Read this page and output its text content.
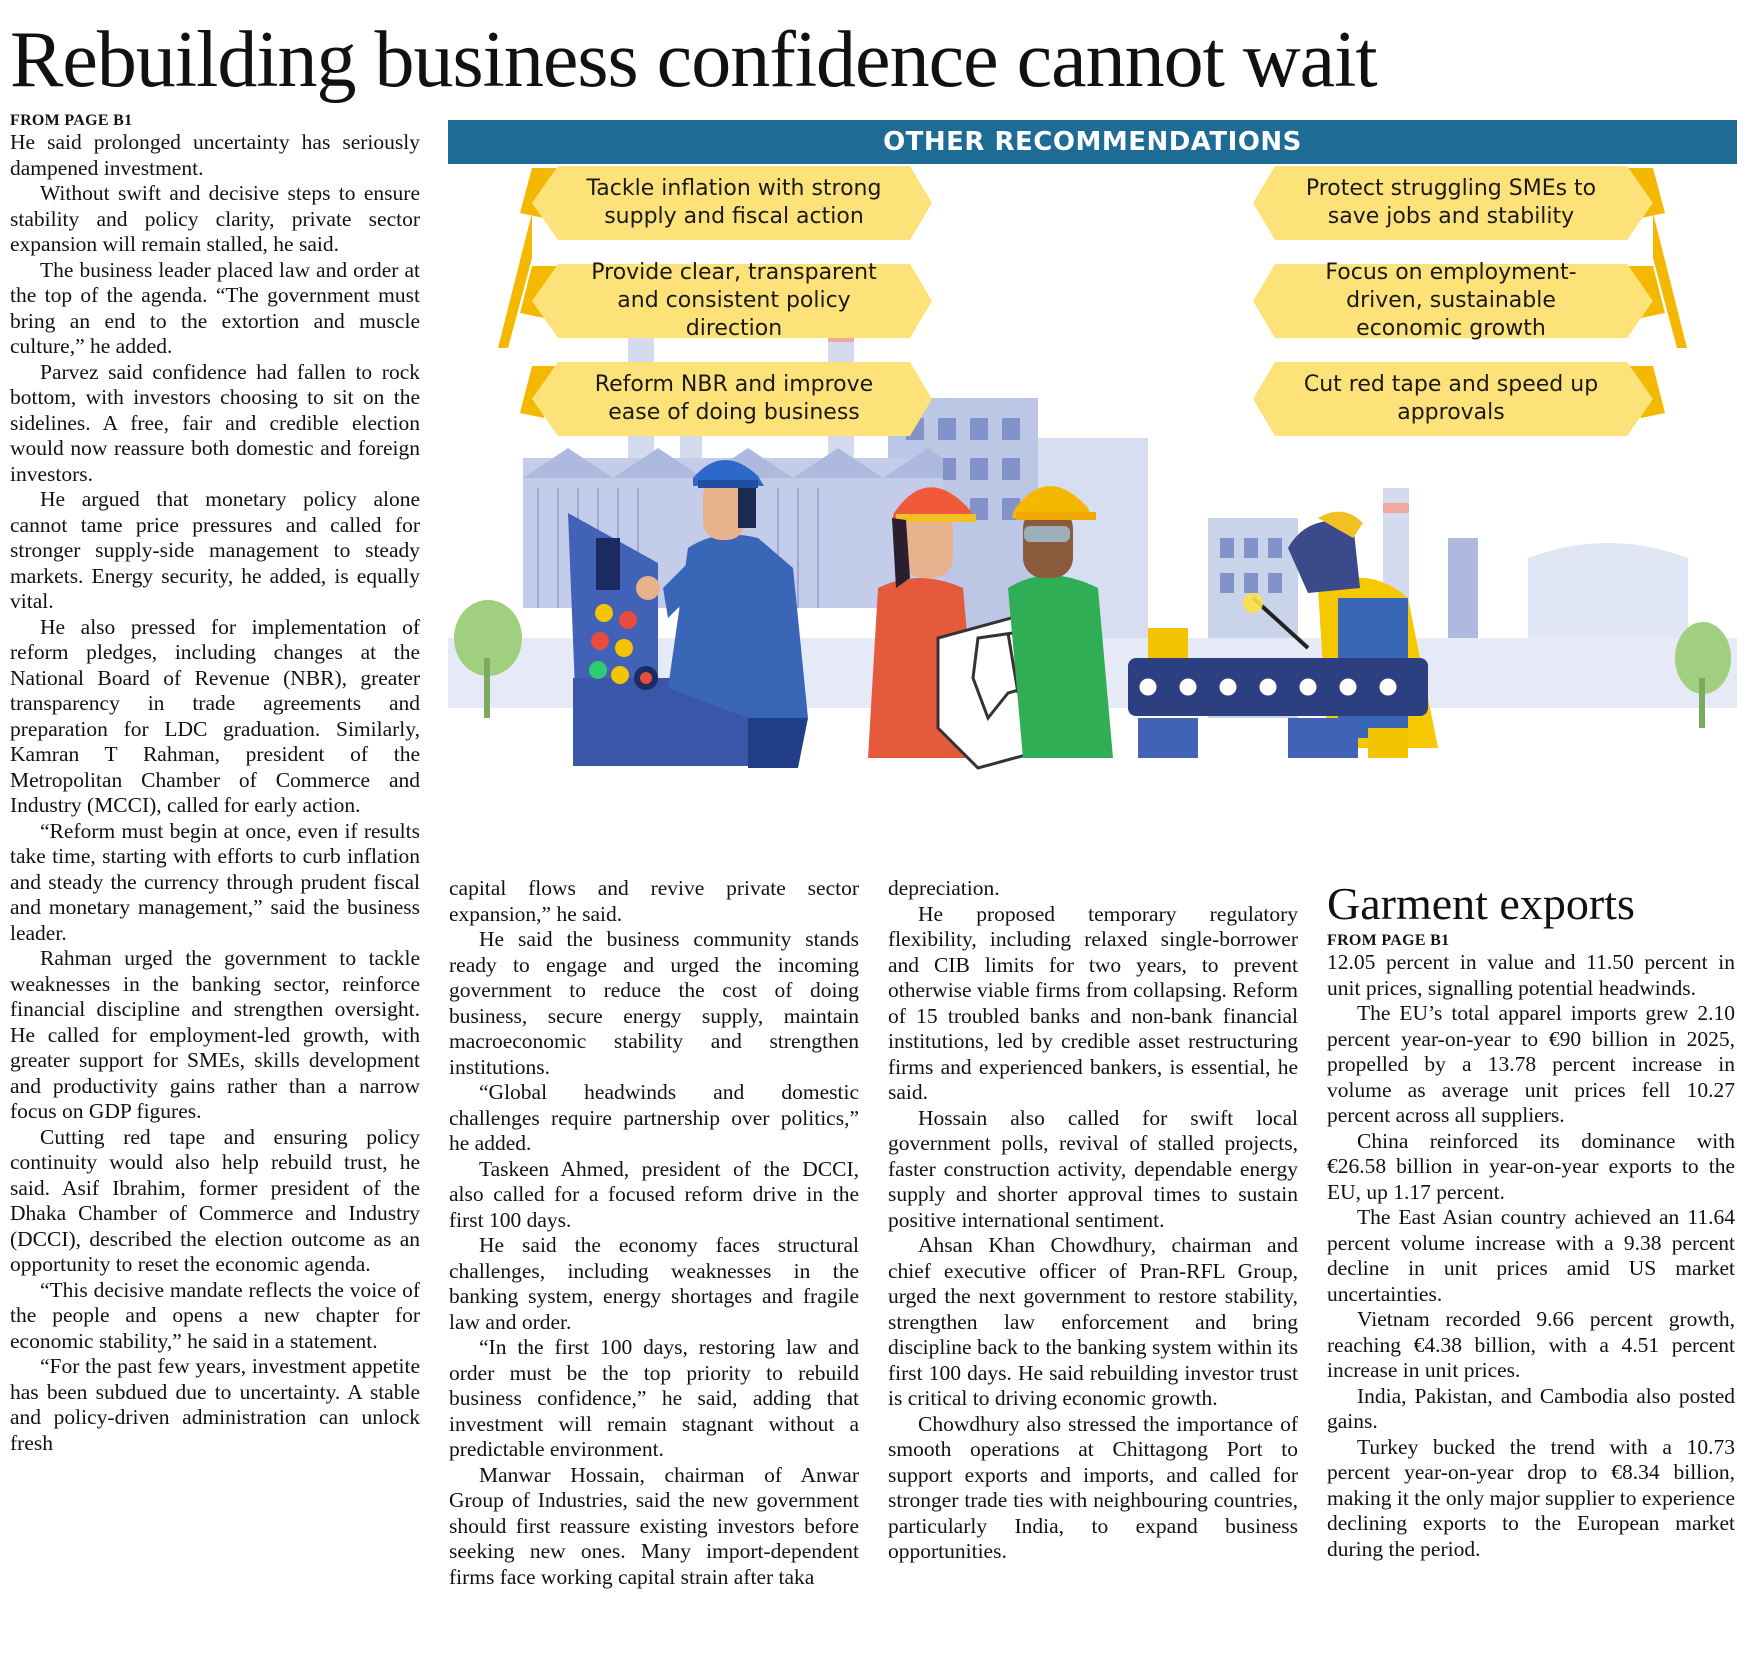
Rebuilding business confidence cannot wait
FROM PAGE B1

He said prolonged uncertainty has seriously dampened investment.

Without swift and decisive steps to ensure stability and policy clarity, private sector expansion will remain stalled, he said.

The business leader placed law and order at the top of the agenda. “The government must bring an end to the extortion and muscle culture,” he added.

Parvez said confidence had fallen to rock bottom, with investors choosing to sit on the sidelines. A free, fair and credible election would now reassure both domestic and foreign investors.

He argued that monetary policy alone cannot tame price pressures and called for stronger supply-side management to steady markets. Energy security, he added, is equally vital.

He also pressed for implementation of reform pledges, including changes at the National Board of Revenue (NBR), greater transparency in trade agreements and preparation for LDC graduation. Similarly, Kamran T Rahman, president of the Metropolitan Chamber of Commerce and Industry (MCCI), called for early action.

“Reform must begin at once, even if results take time, starting with efforts to curb inflation and steady the currency through prudent fiscal and monetary management,” said the business leader.

Rahman urged the government to tackle weaknesses in the banking sector, reinforce financial discipline and strengthen oversight. He called for employment-led growth, with greater support for SMEs, skills development and productivity gains rather than a narrow focus on GDP figures.

Cutting red tape and ensuring policy continuity would also help rebuild trust, he said. Asif Ibrahim, former president of the Dhaka Chamber of Commerce and Industry (DCCI), described the election outcome as an opportunity to reset the economic agenda.

“This decisive mandate reflects the voice of the people and opens a new chapter for economic stability,” he said in a statement.

“For the past few years, investment appetite has been subdued due to uncertainty. A stable and policy-driven administration can unlock fresh

OTHER RECOMMENDATIONS
Tackle inflation with strong supply and fiscal action
Provide clear, transparent and consistent policy direction
Reform NBR and improve ease of doing business
Protect struggling SMEs to save jobs and stability
Focus on employment-driven, sustainable economic growth
Cut red tape and speed up approvals

capital flows and revive private sector expansion,” he said.

He said the business community stands ready to engage and urged the incoming government to reduce the cost of doing business, secure energy supply, maintain macroeconomic stability and strengthen institutions.

“Global headwinds and domestic challenges require partnership over politics,” he added.

Taskeen Ahmed, president of the DCCI, also called for a focused reform drive in the first 100 days.

He said the economy faces structural challenges, including weaknesses in the banking system, energy shortages and fragile law and order.

“In the first 100 days, restoring law and order must be the top priority to rebuild business confidence,” he said, adding that investment will remain stagnant without a predictable environment.

Manwar Hossain, chairman of Anwar Group of Industries, said the new government should first reassure existing investors before seeking new ones. Many import-dependent firms face working capital strain after taka

depreciation.

He proposed temporary regulatory flexibility, including relaxed single-borrower and CIB limits for two years, to prevent otherwise viable firms from collapsing. Reform of 15 troubled banks and non-bank financial institutions, led by credible asset restructuring firms and experienced bankers, is essential, he said.

Hossain also called for swift local government polls, revival of stalled projects, faster construction activity, dependable energy supply and shorter approval times to sustain positive international sentiment.

Ahsan Khan Chowdhury, chairman and chief executive officer of Pran-RFL Group, urged the next government to restore stability, strengthen law enforcement and bring discipline back to the banking system within its first 100 days. He said rebuilding investor trust is critical to driving economic growth.

Chowdhury also stressed the importance of smooth operations at Chittagong Port to support exports and imports, and called for stronger trade ties with neighbouring countries, particularly India, to expand business opportunities.

Garment exports
FROM PAGE B1

12.05 percent in value and 11.50 percent in unit prices, signalling potential headwinds.

The EU’s total apparel imports grew 2.10 percent year-on-year to €90 billion in 2025, propelled by a 13.78 percent increase in volume as average unit prices fell 10.27 percent across all suppliers.

China reinforced its dominance with €26.58 billion in year-on-year exports to the EU, up 1.17 percent.

The East Asian country achieved an 11.64 percent volume increase with a 9.38 percent decline in unit prices amid US market uncertainties.

Vietnam recorded 9.66 percent growth, reaching €4.38 billion, with a 4.51 percent increase in unit prices.

India, Pakistan, and Cambodia also posted gains.

Turkey bucked the trend with a 10.73 percent year-on-year drop to €8.34 billion, making it the only major supplier to experience declining exports to the European market during the period.
